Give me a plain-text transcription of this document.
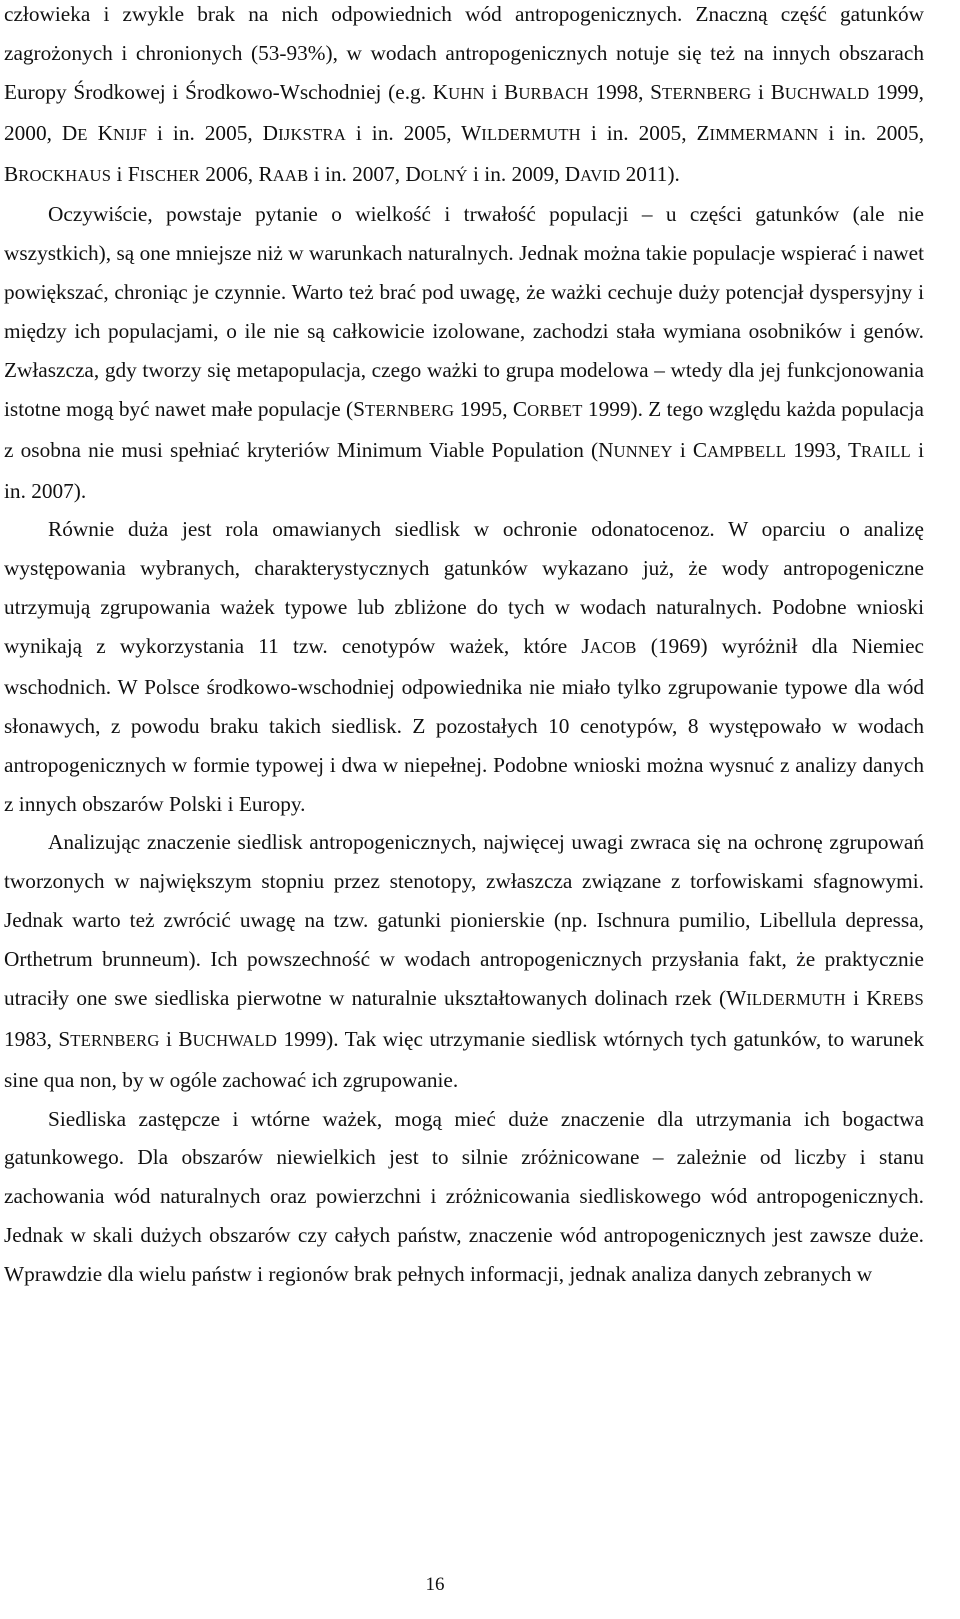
człowieka i zwykle brak na nich odpowiednich wód antropogenicznych. Znaczną część gatunków zagrożonych i chronionych (53-93%), w wodach antropogenicznych notuje się też na innych obszarach Europy Środkowej i Środkowo-Wschodniej (e.g. KUHN i BURBACH 1998, STERNBERG i BUCHWALD 1999, 2000, DE KNIJF i in. 2005, DIJKSTRA i in. 2005, WILDERMUTH i in. 2005, ZIMMERMANN i in. 2005, BROCKHAUS i FISCHER 2006, RAAB i in. 2007, DOLNÝ i in. 2009, DAVID 2011).

Oczywiście, powstaje pytanie o wielkość i trwałość populacji – u części gatunków (ale nie wszystkich), są one mniejsze niż w warunkach naturalnych. Jednak można takie populacje wspierać i nawet powiększać, chroniąc je czynnie. Warto też brać pod uwagę, że ważki cechuje duży potencjał dyspersyjny i między ich populacjami, o ile nie są całkowicie izolowane, zachodzi stała wymiana osobników i genów. Zwłaszcza, gdy tworzy się metapopulacja, czego ważki to grupa modelowa – wtedy dla jej funkcjonowania istotne mogą być nawet małe populacje (STERNBERG 1995, CORBET 1999). Z tego względu każda populacja z osobna nie musi spełniać kryteriów Minimum Viable Population (NUNNEY i CAMPBELL 1993, TRAILL i in. 2007).

Równie duża jest rola omawianych siedlisk w ochronie odonatocenoz. W oparciu o analizę występowania wybranych, charakterystycznych gatunków wykazano już, że wody antropogeniczne utrzymują zgrupowania ważek typowe lub zbliżone do tych w wodach naturalnych. Podobne wnioski wynikają z wykorzystania 11 tzw. cenotypów ważek, które JACOB (1969) wyróżnił dla Niemiec wschodnich. W Polsce środkowo-wschodniej odpowiednika nie miało tylko zgrupowanie typowe dla wód słonawych, z powodu braku takich siedlisk. Z pozostałych 10 cenotypów, 8 występowało w wodach antropogenicznych w formie typowej i dwa w niepełnej. Podobne wnioski można wysnuć z analizy danych z innych obszarów Polski i Europy.

Analizując znaczenie siedlisk antropogenicznych, najwięcej uwagi zwraca się na ochronę zgrupowań tworzonych w największym stopniu przez stenotopy, zwłaszcza związane z torfowiskami sfagnowymi. Jednak warto też zwrócić uwagę na tzw. gatunki pionierskie (np. Ischnura pumilio, Libellula depressa, Orthetrum brunneum). Ich powszechność w wodach antropogenicznych przysłania fakt, że praktycznie utraciły one swe siedliska pierwotne w naturalnie ukształtowanych dolinach rzek (WILDERMUTH i KREBS 1983, STERNBERG i BUCHWALD 1999). Tak więc utrzymanie siedlisk wtórnych tych gatunków, to warunek sine qua non, by w ogóle zachować ich zgrupowanie.

Siedliska zastępcze i wtórne ważek, mogą mieć duże znaczenie dla utrzymania ich bogactwa gatunkowego. Dla obszarów niewielkich jest to silnie zróżnicowane – zależnie od liczby i stanu zachowania wód naturalnych oraz powierzchni i zróżnicowania siedliskowego wód antropogenicznych. Jednak w skali dużych obszarów czy całych państw, znaczenie wód antropogenicznych jest zawsze duże. Wprawdzie dla wielu państw i regionów brak pełnych informacji, jednak analiza danych zebranych w

16
